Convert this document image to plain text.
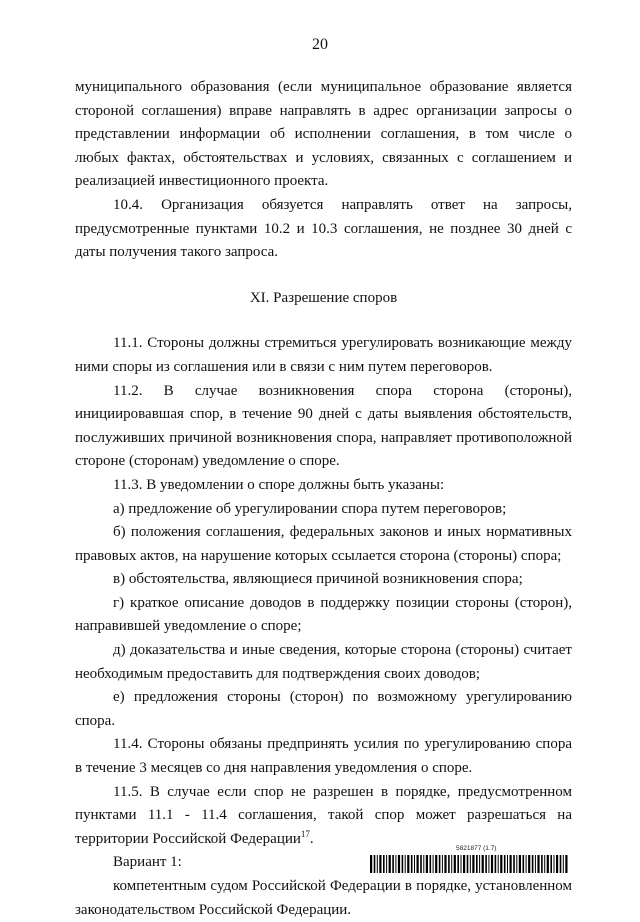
20

муниципального образования (если муниципальное образование является стороной соглашения) вправе направлять в адрес организации запросы о представлении информации об исполнении соглашения, в том числе о любых фактах, обстоятельствах и условиях, связанных с соглашением и реализацией инвестиционного проекта.

10.4. Организация обязуется направлять ответ на запросы, предусмотренные пунктами 10.2 и 10.3 соглашения, не позднее 30 дней с даты получения такого запроса.

XI. Разрешение споров

11.1. Стороны должны стремиться урегулировать возникающие между ними споры из соглашения или в связи с ним путем переговоров.

11.2. В случае возникновения спора сторона (стороны), инициировавшая спор, в течение 90 дней с даты выявления обстоятельств, послуживших причиной возникновения спора, направляет противоположной стороне (сторонам) уведомление о споре.

11.3. В уведомлении о споре должны быть указаны:

а) предложение об урегулировании спора путем переговоров;

б) положения соглашения, федеральных законов и иных нормативных правовых актов, на нарушение которых ссылается сторона (стороны) спора;

в) обстоятельства, являющиеся причиной возникновения спора;

г) краткое описание доводов в поддержку позиции стороны (сторон), направившей уведомление о споре;

д) доказательства и иные сведения, которые сторона (стороны) считает необходимым предоставить для подтверждения своих доводов;

е) предложения стороны (сторон) по возможному урегулированию спора.

11.4. Стороны обязаны предпринять усилия по урегулированию спора в течение 3 месяцев со дня направления уведомления о споре.

11.5. В случае если спор не разрешен в порядке, предусмотренном пунктами 11.1 - 11.4 соглашения, такой спор может разрешаться на территории Российской Федерации$^{17}$.

Вариант 1:

компетентным судом Российской Федерации в порядке, установленном законодательством Российской Федерации.

5821877 (1.7)
